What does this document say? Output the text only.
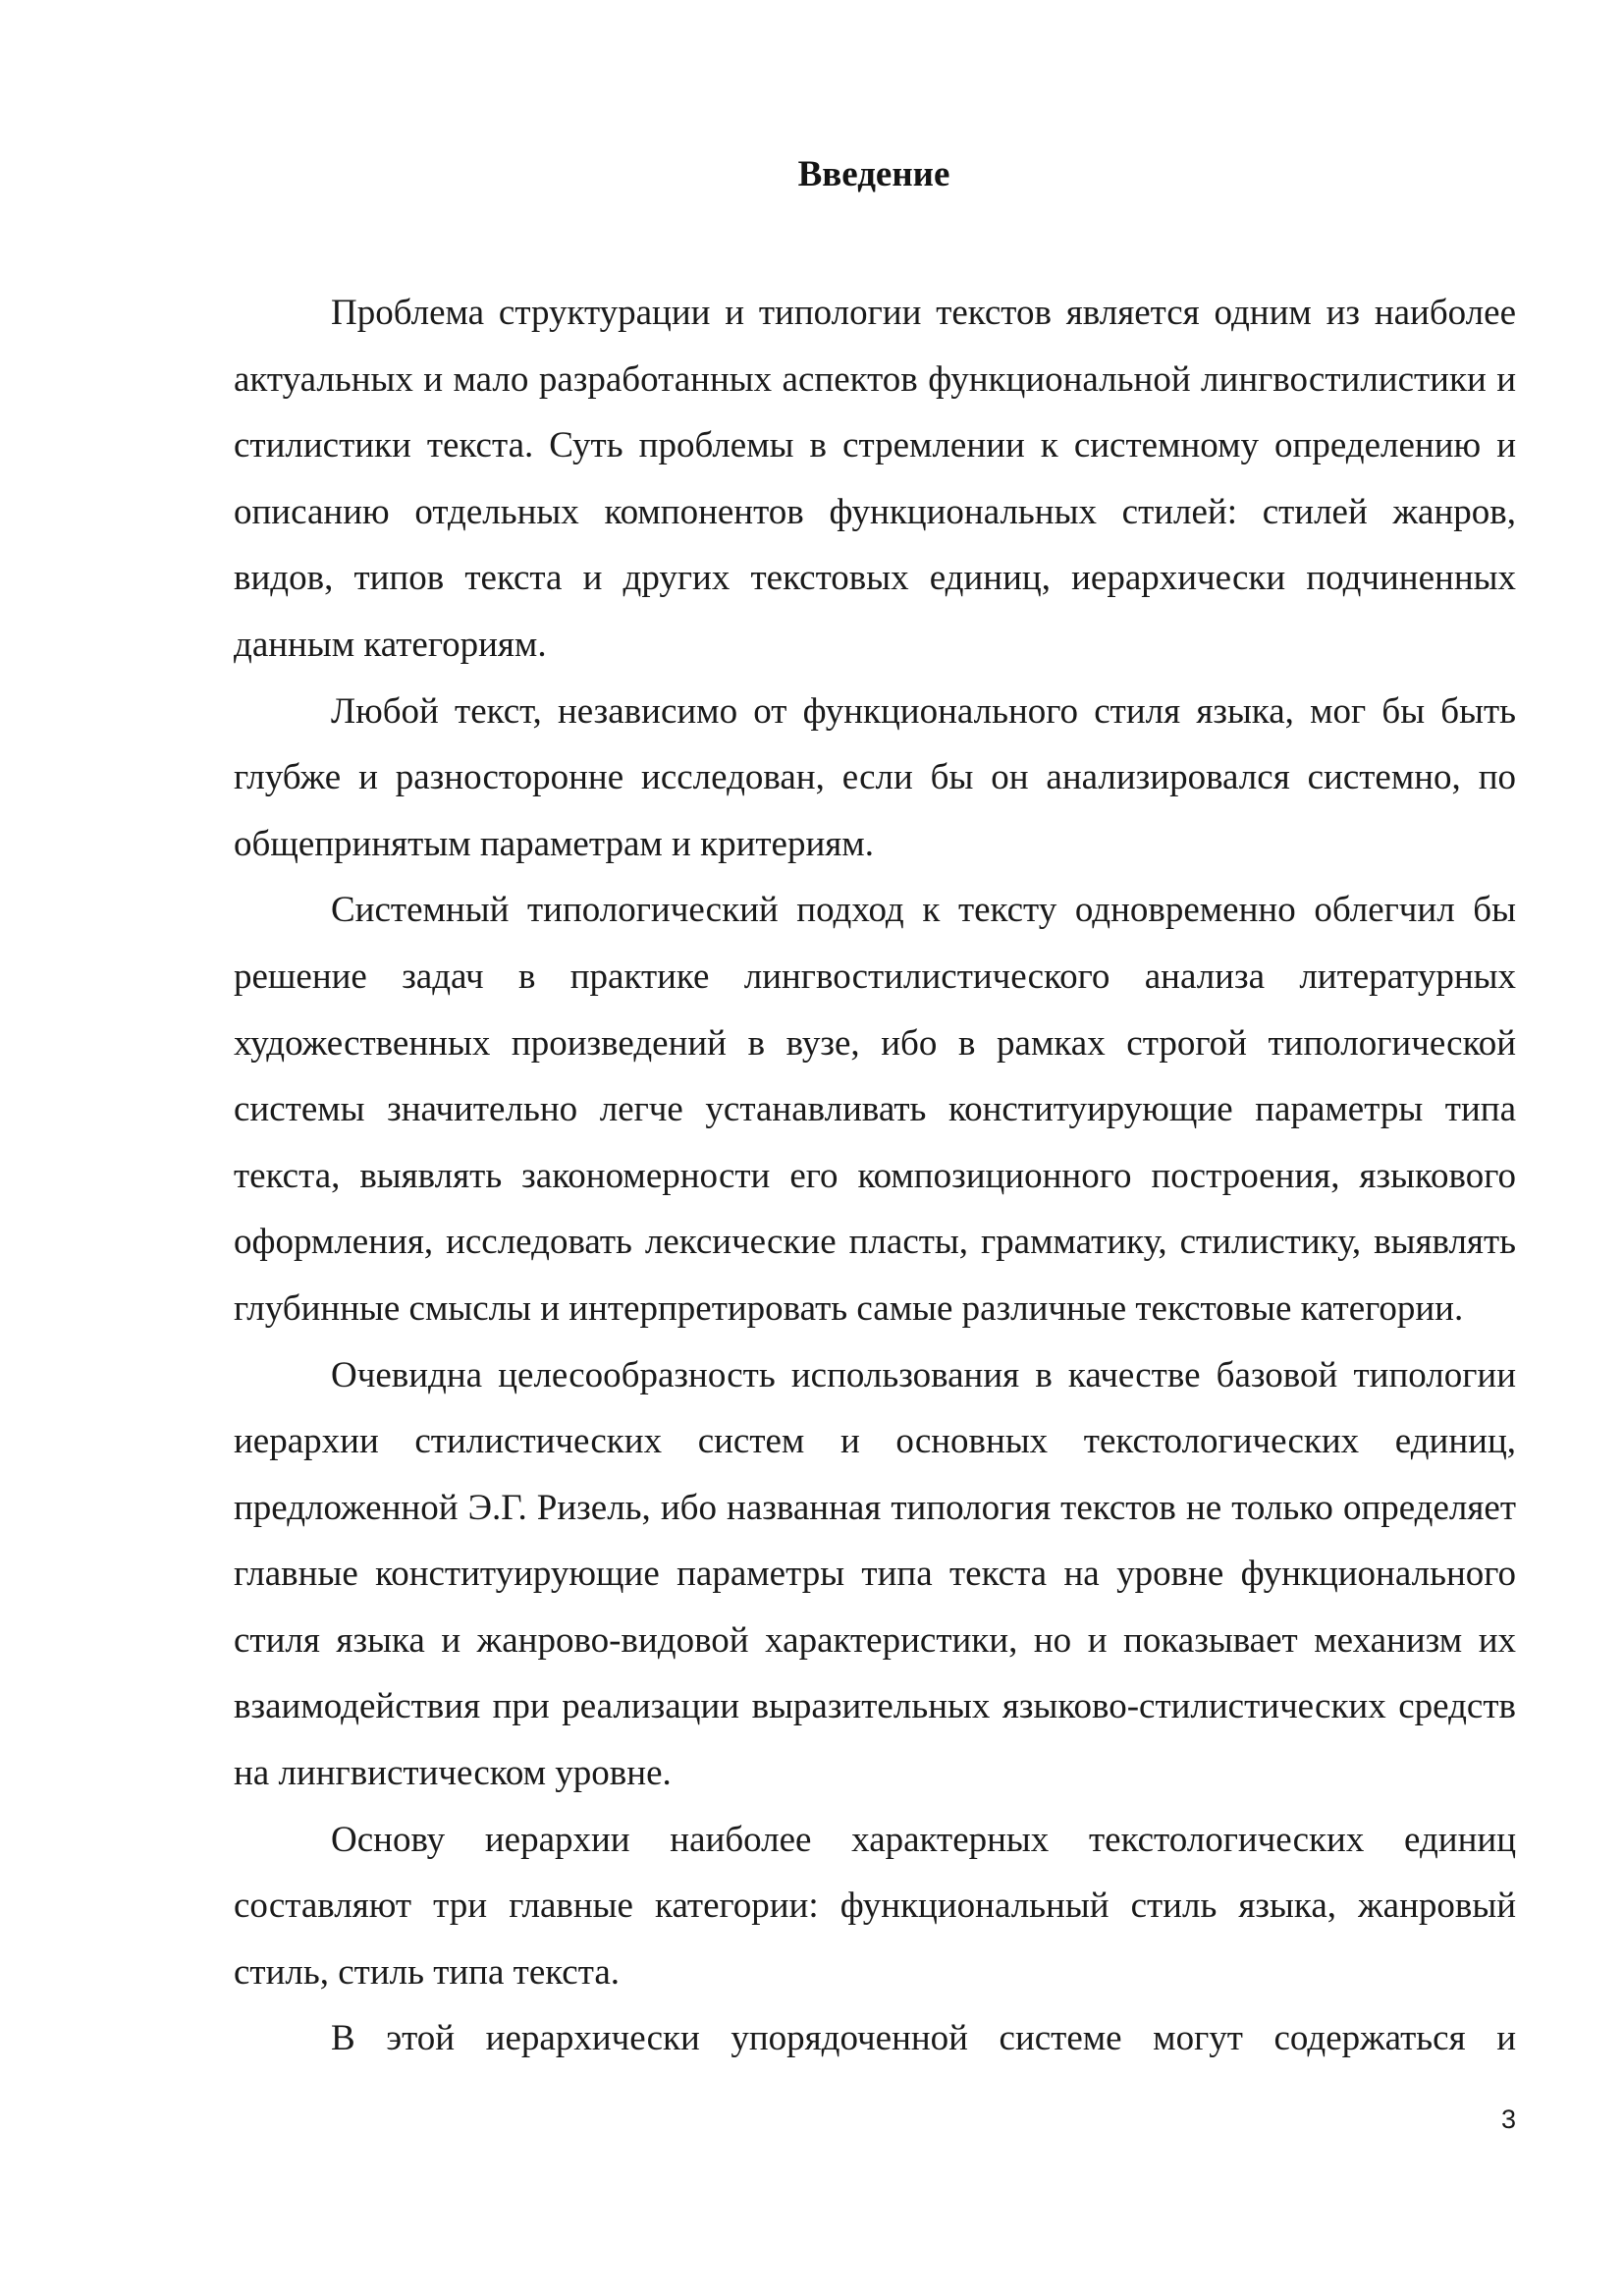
Введение

Проблема структурации и типологии текстов является одним из наиболее актуальных и мало разработанных аспектов функциональной лингвостилистики и стилистики текста. Суть проблемы в стремлении к системному определению и описанию отдельных компонентов функциональных стилей: стилей жанров, видов, типов текста и других текстовых единиц, иерархически подчиненных данным категориям.

Любой текст, независимо от функционального стиля языка, мог бы быть глубже и разносторонне исследован, если бы он анализировался системно, по общепринятым параметрам и критериям.

Системный типологический подход к тексту одновременно облегчил бы решение задач в практике лингвостилистического анализа литературных художественных произведений в вузе, ибо в рамках строгой типологической системы значительно легче устанавливать конституирующие параметры типа текста, выявлять закономерности его композиционного построения, языкового оформления, исследовать лексические пласты, грамматику, стилистику, выявлять глубинные смыслы и интерпретировать самые различные текстовые категории.

Очевидна целесообразность использования в качестве базовой типологии иерархии стилистических систем и основных текстологических единиц, предложенной Э.Г. Ризель, ибо названная типология текстов не только определяет главные конституирующие параметры типа текста на уровне функционального стиля языка и жанрово-видовой характеристики, но и показывает механизм их взаимодействия при реализации выразительных языково-стилистических средств на лингвистическом уровне.

Основу иерархии наиболее характерных текстологических единиц составляют три главные категории: функциональный стиль языка, жанровый стиль, стиль типа текста.

В этой иерархически упорядоченной системе могут содержаться и

3
